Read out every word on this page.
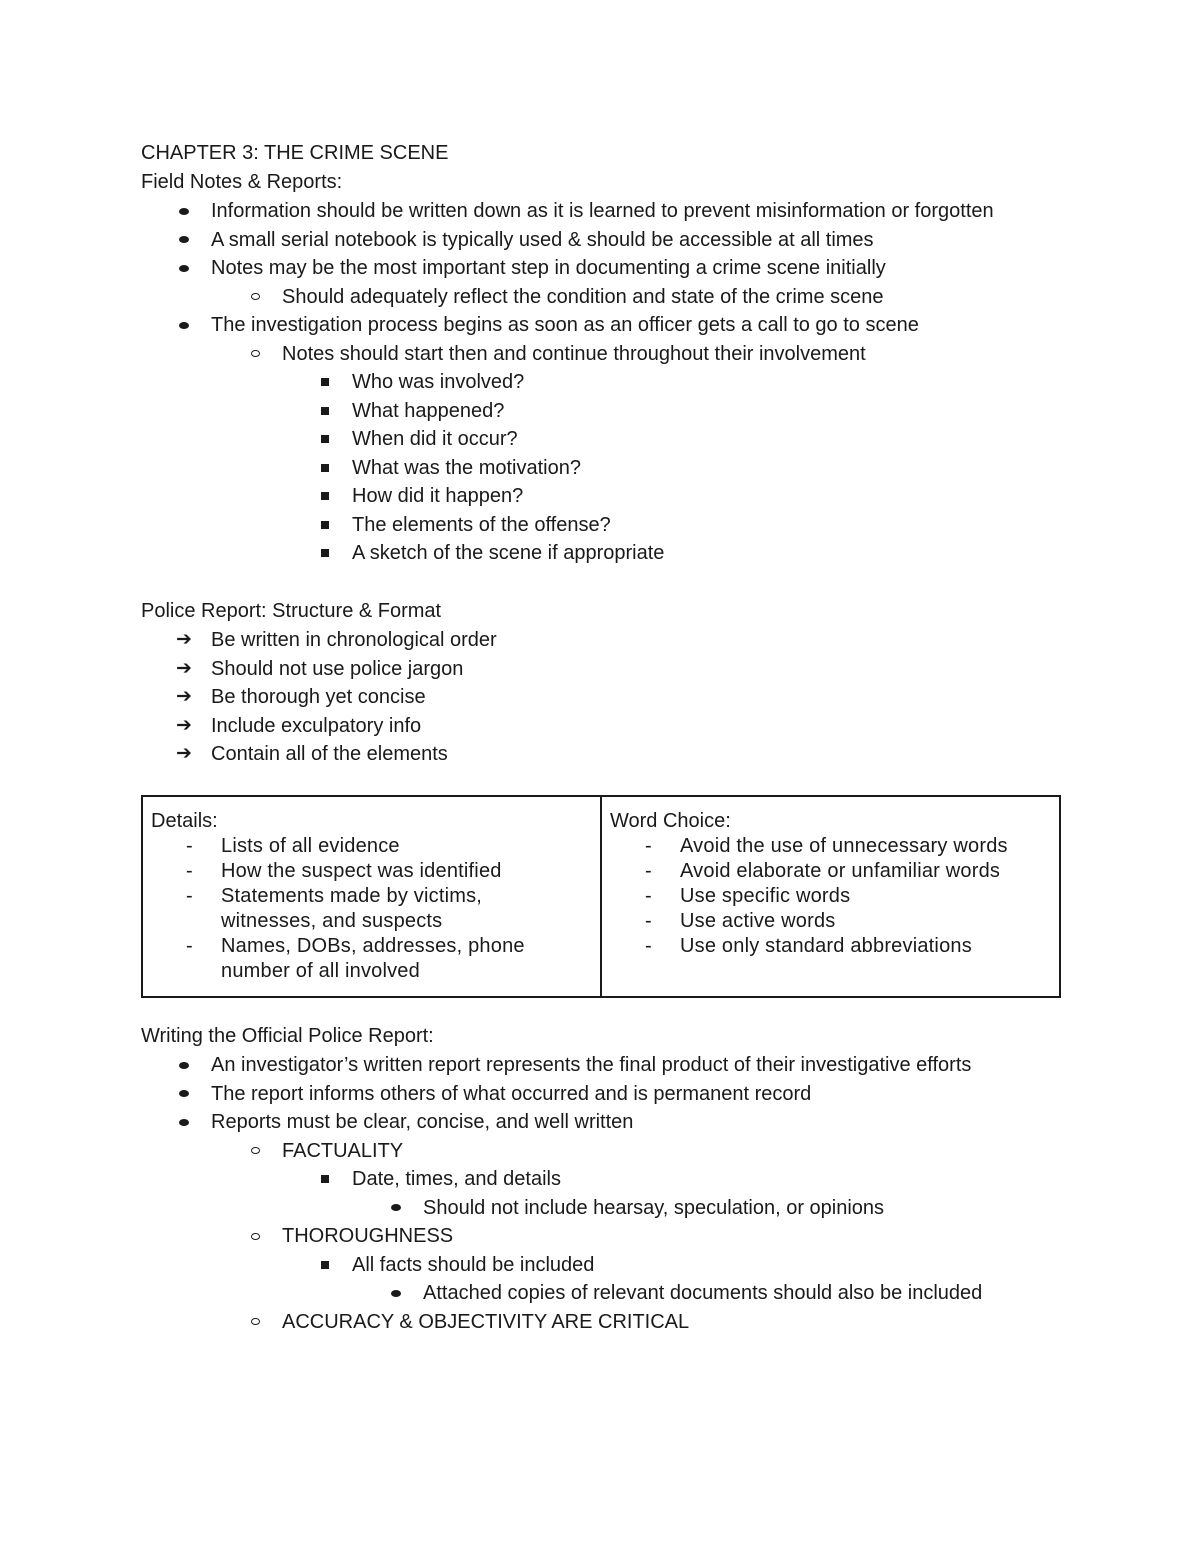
CHAPTER 3: THE CRIME SCENE
Field Notes & Reports:
Information should be written down as it is learned to prevent misinformation or forgotten
A small serial notebook is typically used & should be accessible at all times
Notes may be the most important step in documenting a crime scene initially
Should adequately reflect the condition and state of the crime scene
The investigation process begins as soon as an officer gets a call to go to scene
Notes should start then and continue throughout their involvement
Who was involved?
What happened?
When did it occur?
What was the motivation?
How did it happen?
The elements of the offense?
A sketch of the scene if appropriate
Police Report: Structure & Format
➔ Be written in chronological order
➔ Should not use police jargon
➔ Be thorough yet concise
➔ Include exculpatory info
➔ Contain all of the elements
Details:
- Lists of all evidence
- How the suspect was identified
- Statements made by victims, witnesses, and suspects
- Names, DOBs, addresses, phone number of all involved

Word Choice:
- Avoid the use of unnecessary words
- Avoid elaborate or unfamiliar words
- Use specific words
- Use active words
- Use only standard abbreviations
Writing the Official Police Report:
An investigator’s written report represents the final product of their investigative efforts
The report informs others of what occurred and is permanent record
Reports must be clear, concise, and well written
FACTUALITY
Date, times, and details
Should not include hearsay, speculation, or opinions
THOROUGHNESS
All facts should be included
Attached copies of relevant documents should also be included
ACCURACY & OBJECTIVITY ARE CRITICAL
